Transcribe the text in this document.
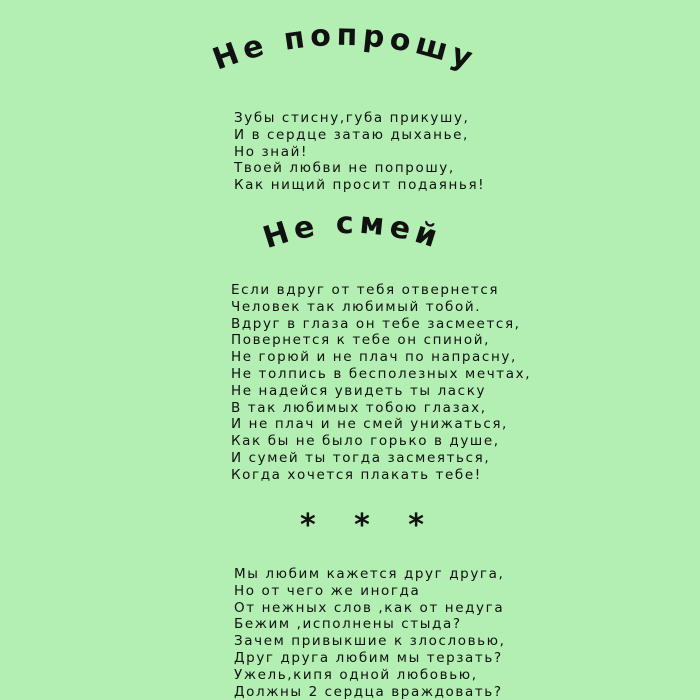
Не попрошу
Зубы стисну,губа прикушу,
И в сердце затаю дыханье,
Но знай!
Твоей любви не попрошу,
Как нищий просит подаянья!
Не смей
Если вдруг от тебя отвернется
Человек так любимый тобой.
Вдруг в глаза он тебе засмеется,
Повернется к тебе он спиной,
Не горюй и не плач по напрасну,
Не толпись в бесполезных мечтах,
Не надейся увидеть ты ласку
В так любимых тобою глазах,
И не плач и не смей унижаться,
Как бы не было горько в душе,
И сумей ты тогда засмеяться,
Когда хочется плакать тебе!
* * *
Мы любим кажется друг друга,
Но от чего же иногда
От нежных слов ,как от недуга
Бежим ,исполнены стыда?
Зачем привыкшие к злословью,
Друг друга любим мы терзать?
Ужель,кипя одной любовью,
Должны 2 сердца враждовать?
